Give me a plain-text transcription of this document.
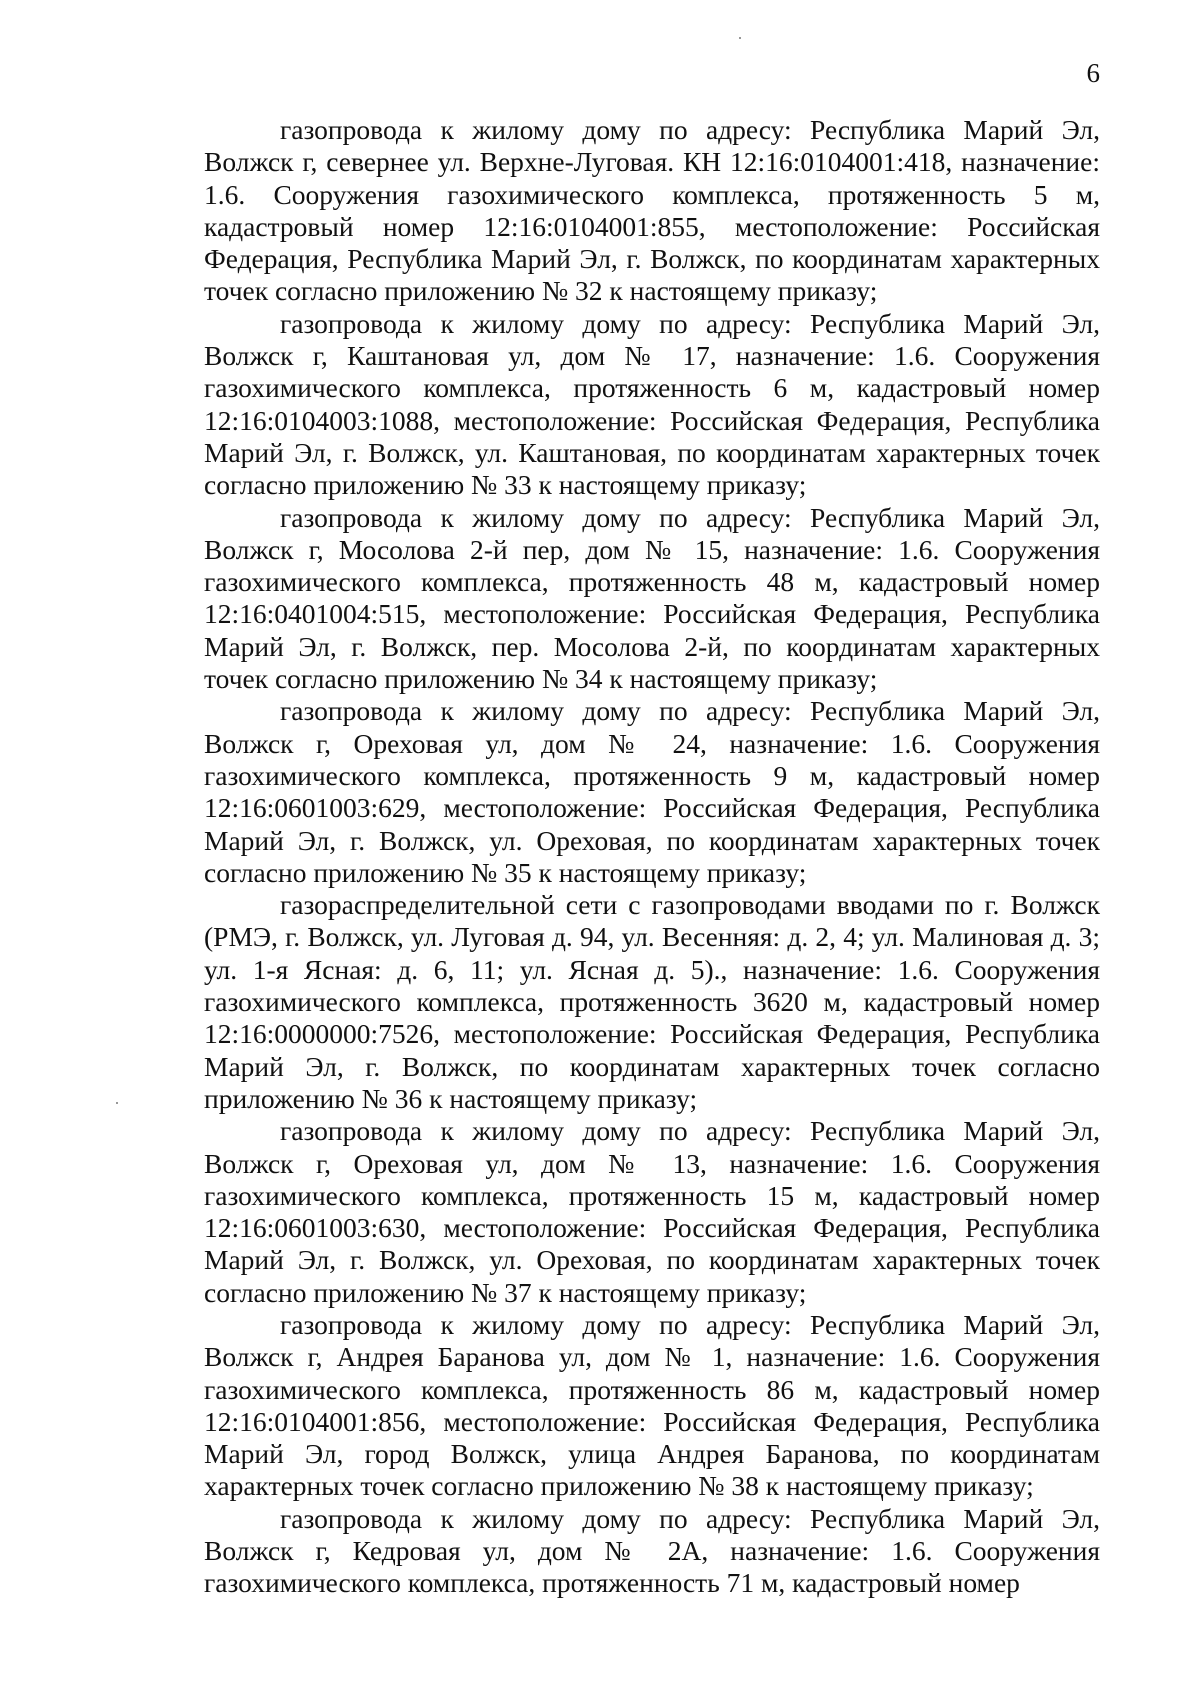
6

газопровода к жилому дому по адресу: Республика Марий Эл, Волжск г, севернее ул. Верхне-Луговая. КН 12:16:0104001:418, назначение: 1.6. Сооружения газохимического комплекса, протяженность 5 м, кадастровый номер 12:16:0104001:855, местоположение: Российская Федерация, Республика Марий Эл, г. Волжск, по координатам характерных точек согласно приложению № 32 к настоящему приказу;

газопровода к жилому дому по адресу: Республика Марий Эл, Волжск г, Каштановая ул, дом № 17, назначение: 1.6. Сооружения газохимического комплекса, протяженность 6 м, кадастровый номер 12:16:0104003:1088, местоположение: Российская Федерация, Республика Марий Эл, г. Волжск, ул. Каштановая, по координатам характерных точек согласно приложению № 33 к настоящему приказу;

газопровода к жилому дому по адресу: Республика Марий Эл, Волжск г, Мосолова 2-й пер, дом № 15, назначение: 1.6. Сооружения газохимического комплекса, протяженность 48 м, кадастровый номер 12:16:0401004:515, местоположение: Российская Федерация, Республика Марий Эл, г. Волжск, пер. Мосолова 2-й, по координатам характерных точек согласно приложению № 34 к настоящему приказу;

газопровода к жилому дому по адресу: Республика Марий Эл, Волжск г, Ореховая ул, дом № 24, назначение: 1.6. Сооружения газохимического комплекса, протяженность 9 м, кадастровый номер 12:16:0601003:629, местоположение: Российская Федерация, Республика Марий Эл, г. Волжск, ул. Ореховая, по координатам характерных точек согласно приложению № 35 к настоящему приказу;

газораспределительной сети с газопроводами вводами по г. Волжск (РМЭ, г. Волжск, ул. Луговая д. 94, ул. Весенняя: д. 2, 4; ул. Малиновая д. 3; ул. 1-я Ясная: д. 6, 11; ул. Ясная д. 5)., назначение: 1.6. Сооружения газохимического комплекса, протяженность 3620 м, кадастровый номер 12:16:0000000:7526, местоположение: Российская Федерация, Республика Марий Эл, г. Волжск, по координатам характерных точек согласно приложению № 36 к настоящему приказу;

газопровода к жилому дому по адресу: Республика Марий Эл, Волжск г, Ореховая ул, дом № 13, назначение: 1.6. Сооружения газохимического комплекса, протяженность 15 м, кадастровый номер 12:16:0601003:630, местоположение: Российская Федерация, Республика Марий Эл, г. Волжск, ул. Ореховая, по координатам характерных точек согласно приложению № 37 к настоящему приказу;

газопровода к жилому дому по адресу: Республика Марий Эл, Волжск г, Андрея Баранова ул, дом № 1, назначение: 1.6. Сооружения газохимического комплекса, протяженность 86 м, кадастровый номер 12:16:0104001:856, местоположение: Российская Федерация, Республика Марий Эл, город Волжск, улица Андрея Баранова, по координатам характерных точек согласно приложению № 38 к настоящему приказу;

газопровода к жилому дому по адресу: Республика Марий Эл, Волжск г, Кедровая ул, дом № 2А, назначение: 1.6. Сооружения газохимического комплекса, протяженность 71 м, кадастровый номер
